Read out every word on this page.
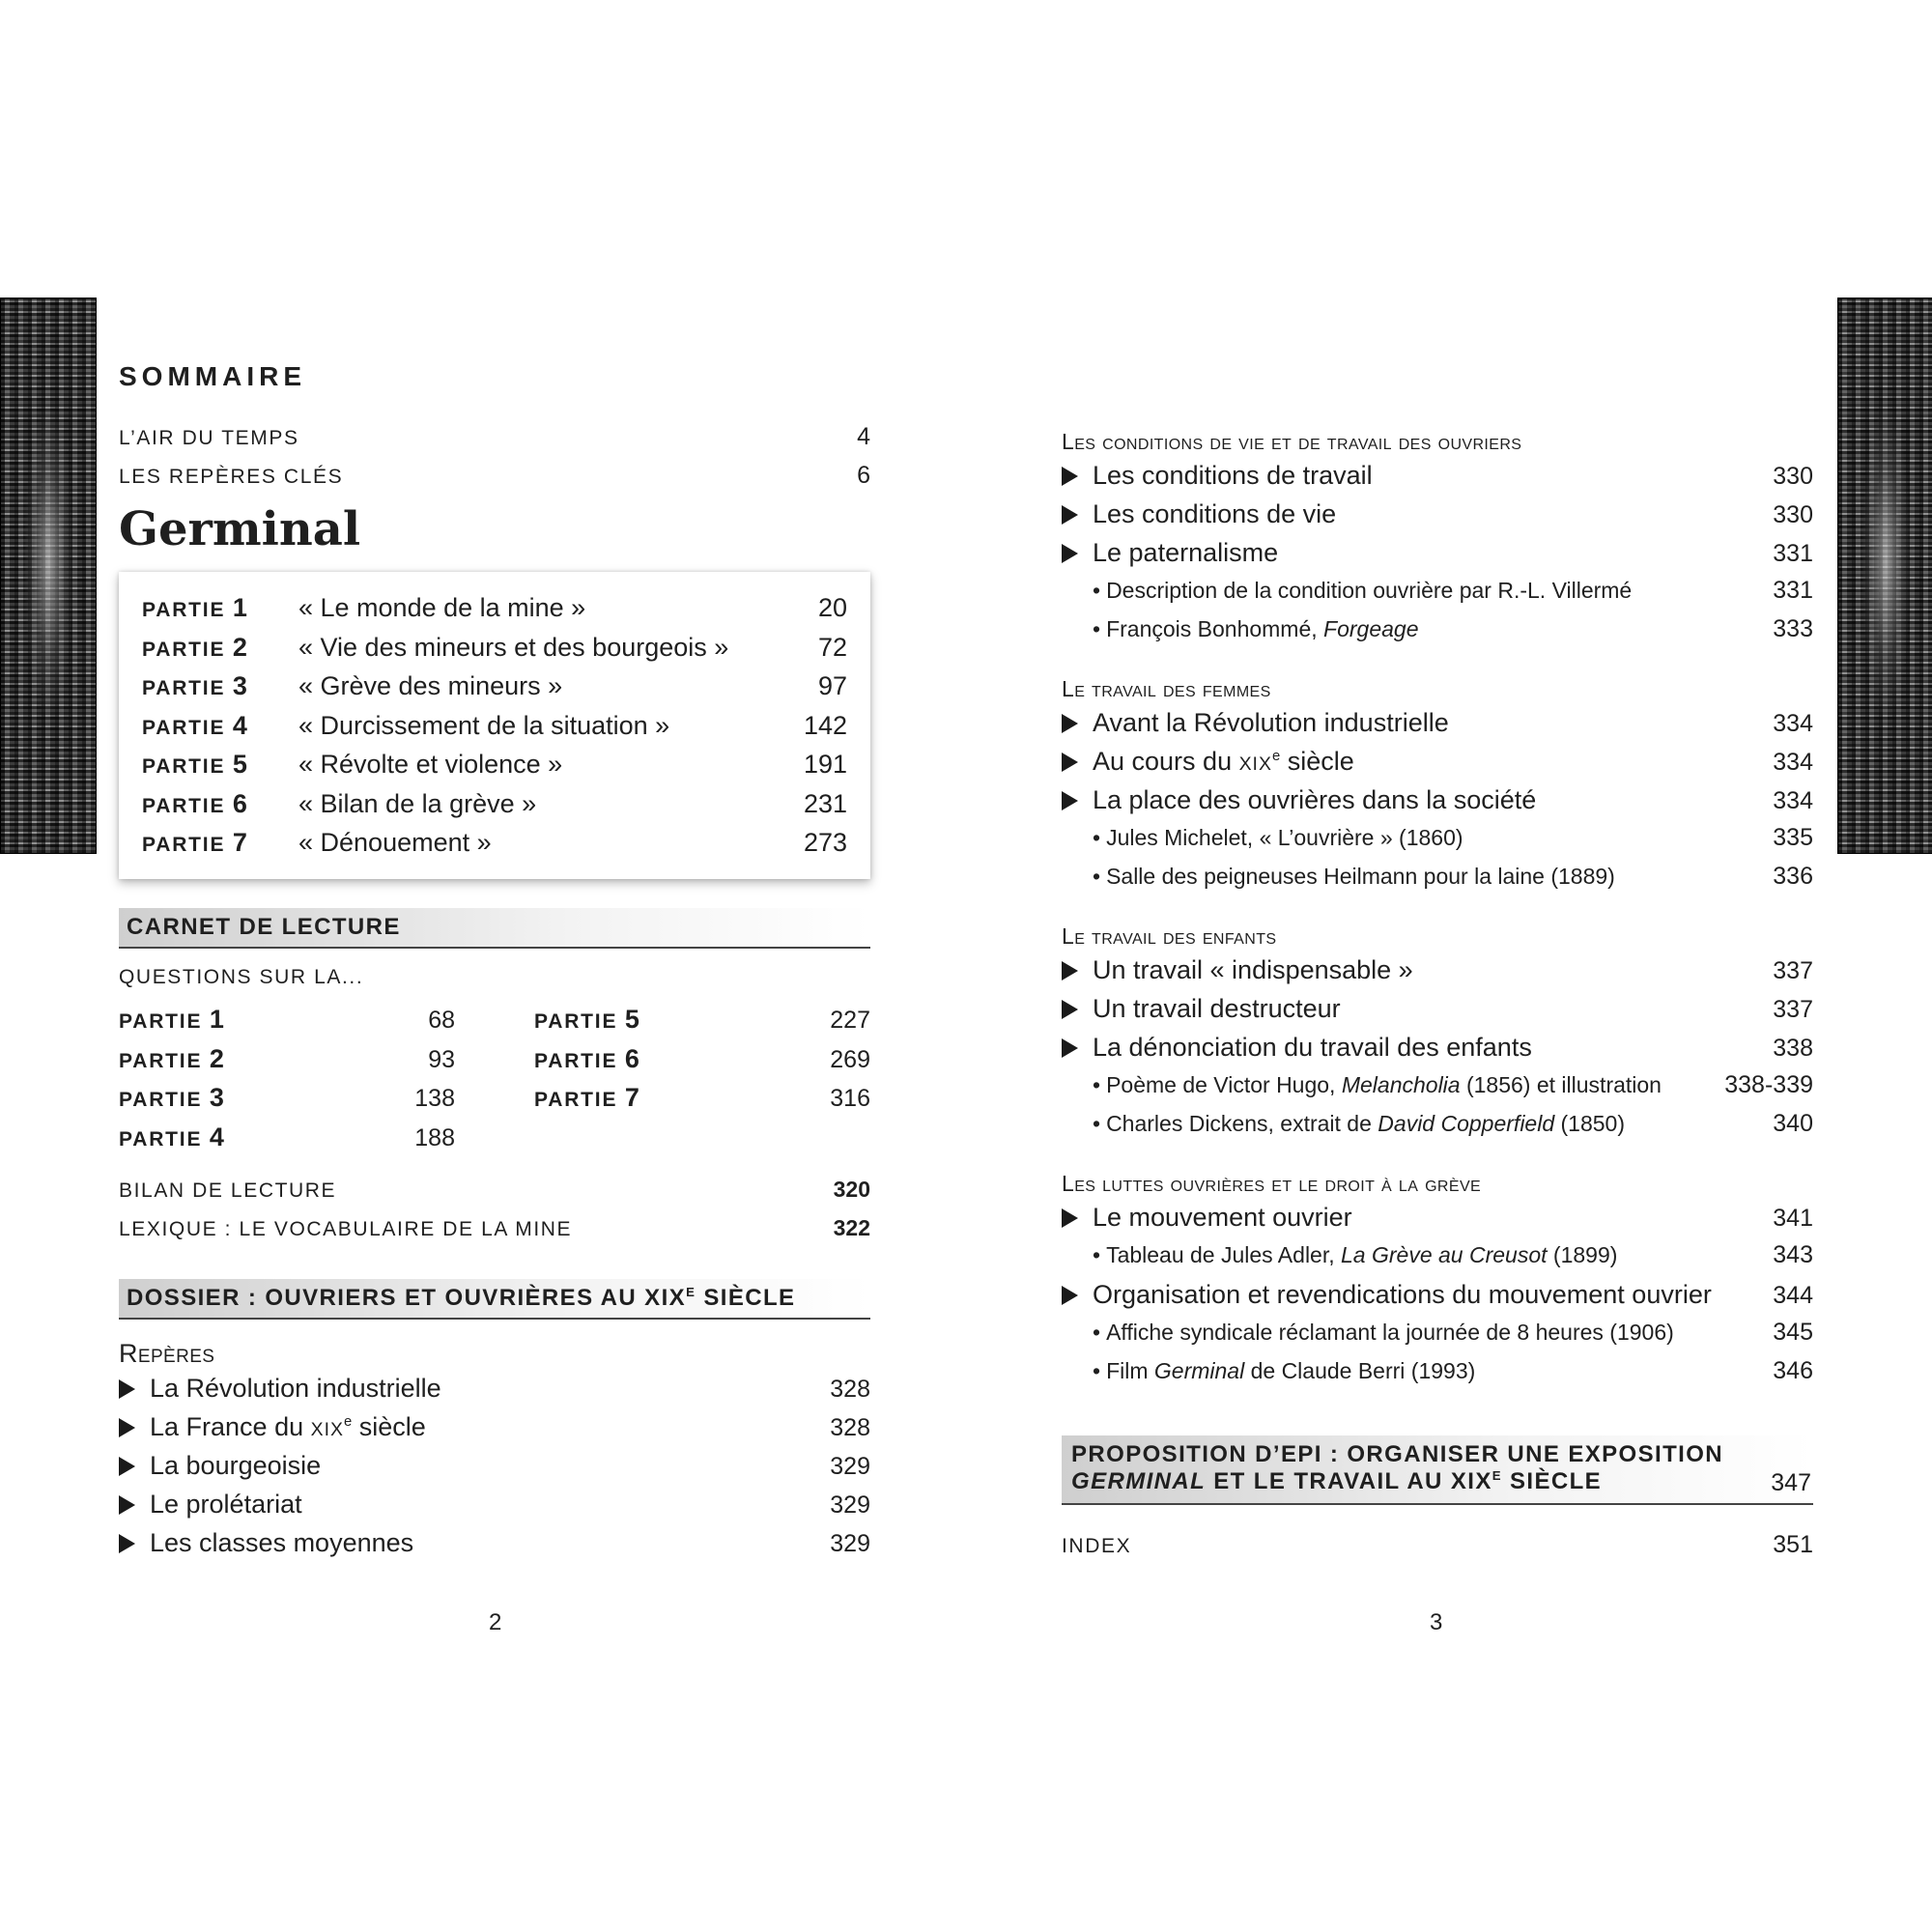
SOMMAIRE
L’AIR DU TEMPS	4
LES REPÈRES CLÉS	6
Germinal
PARTIE 1	« Le monde de la mine »	20
PARTIE 2	« Vie des mineurs et des bourgeois »	72
PARTIE 3	« Grève des mineurs »	97
PARTIE 4	« Durcissement de la situation »	142
PARTIE 5	« Révolte et violence »	191
PARTIE 6	« Bilan de la grève »	231
PARTIE 7	« Dénouement »	273
CARNET DE LECTURE
QUESTIONS SUR LA...
PARTIE 1	68
PARTIE 2	93
PARTIE 3	138
PARTIE 4	188
PARTIE 5	227
PARTIE 6	269
PARTIE 7	316
BILAN DE LECTURE	320
LEXIQUE : LE VOCABULAIRE DE LA MINE	322
DOSSIER : OUVRIERS ET OUVRIÈRES AU $XIX^E$ SIÈCLE
Repères
La Révolution industrielle	328
La France du XIXe siècle	328
La bourgeoisie	329
Le prolétariat	329
Les classes moyennes	329
2
Les conditions de vie et de travail des ouvriers
Les conditions de travail	330
Les conditions de vie	330
Le paternalisme	331
• Description de la condition ouvrière par R.-L. Villermé	331
• François Bonhommé, Forgeage	333
Le travail des femmes
Avant la Révolution industrielle	334
Au cours du XIXe siècle	334
La place des ouvrières dans la société	334
• Jules Michelet, « L’ouvrière » (1860)	335
• Salle des peigneuses Heilmann pour la laine (1889)	336
Le travail des enfants
Un travail « indispensable »	337
Un travail destructeur	337
La dénonciation du travail des enfants	338
• Poème de Victor Hugo, Melancholia (1856) et illustration	338-339
• Charles Dickens, extrait de David Copperfield (1850)	340
Les luttes ouvrières et le droit à la grève
Le mouvement ouvrier	341
• Tableau de Jules Adler, La Grève au Creusot (1899)	343
Organisation et revendications du mouvement ouvrier	344
• Affiche syndicale réclamant la journée de 8 heures (1906)	345
• Film Germinal de Claude Berri (1993)	346
PROPOSITION D’EPI : ORGANISER UNE EXPOSITION
GERMINAL ET LE TRAVAIL AU $XIX^E$ SIÈCLE	347
INDEX	351
3
